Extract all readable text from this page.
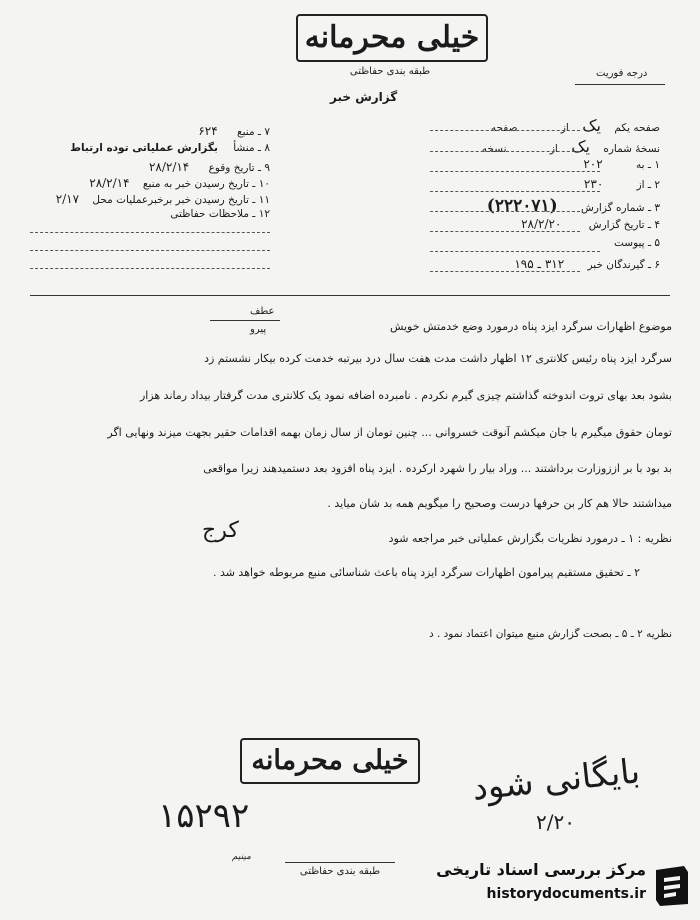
خیلی محرمانه
طبقه بندی حفاظتی	درجه فوریت
گزارش خبر
صفحه یکم یک از صفحه
نسخهٔ شماره یک از نسخه
۱ ـ به ۲۰۲
۲ ـ از ۲۳۰
۳ ـ شماره گزارش (۲۲۲۰۷۱)
۴ ـ تاریخ گزارش ۲۸/۲/۲۰
۵ ـ پیوست
۶ ـ گیرندگان خبر ۳۱۲ ـ ۱۹۵
۷ ـ منبع ۶۲۴
۸ ـ منشأ بگزارش عملیاتی توده ارتباط
۹ ـ تاریخ وقوع ۲۸/۲/۱۴
۱۰ ـ تاریخ رسیدن خبر به منبع ۲۸/۲/۱۴
۱۱ ـ تاریخ رسیدن خبر برخبرعملیات محل ۲/۱۷
۱۲ ـ ملاحظات حفاظتی
عطف
پیرو	موضوع اظهارات سرگرد ایزد پناه درمورد وضع خدمتش خویش
سرگرد ایزد پناه رئیس کلانتری ۱۲ اظهار داشت مدت هفت سال درد بیرتبه خدمت کرده بیکار نشستم زد
بشود بعد بهای تروت اندوخته گذاشتم چیزی گیرم نکردم . نامبرده اضافه نمود یک کلانتری مدت گرفتار بیداد رماند هزار
تومان حقوق میگیرم با جان میکشم آنوقت خسروانی ... چنین تومان از سال زمان بهمه اقدامات حقیر بجهت میزند ونهایی اگر
بد بود با بر اززوزارت برداشتند ... وراد بیار را شهرد ارکرده . ایزد پناه افزود بعد دستمیدهند زیرا مواقعی
میداشتند حالا هم کار بن حرفها درست وصحیح را میگویم همه بد شان میاید .
کرج	نظریه : ۱ ـ درمورد نظریات بگزارش عملیاتی خبر مراجعه شود
۲ ـ تحقیق مستقیم پیرامون اظهارات سرگرد ایزد پناه باعث شناسائی منبع مربوطه خواهد شد .
نظریه ۲ ـ ۵ ـ بصحت گزارش منبع میتوان اعتماد نمود . د
خیلی محرمانه	بایگانی شود
۲/۲۰
۱۵۲۹۲
مینیم
طبقه بندی حفاظتی	مرکز بررسی اسناد تاریخی
historydocuments.ir
